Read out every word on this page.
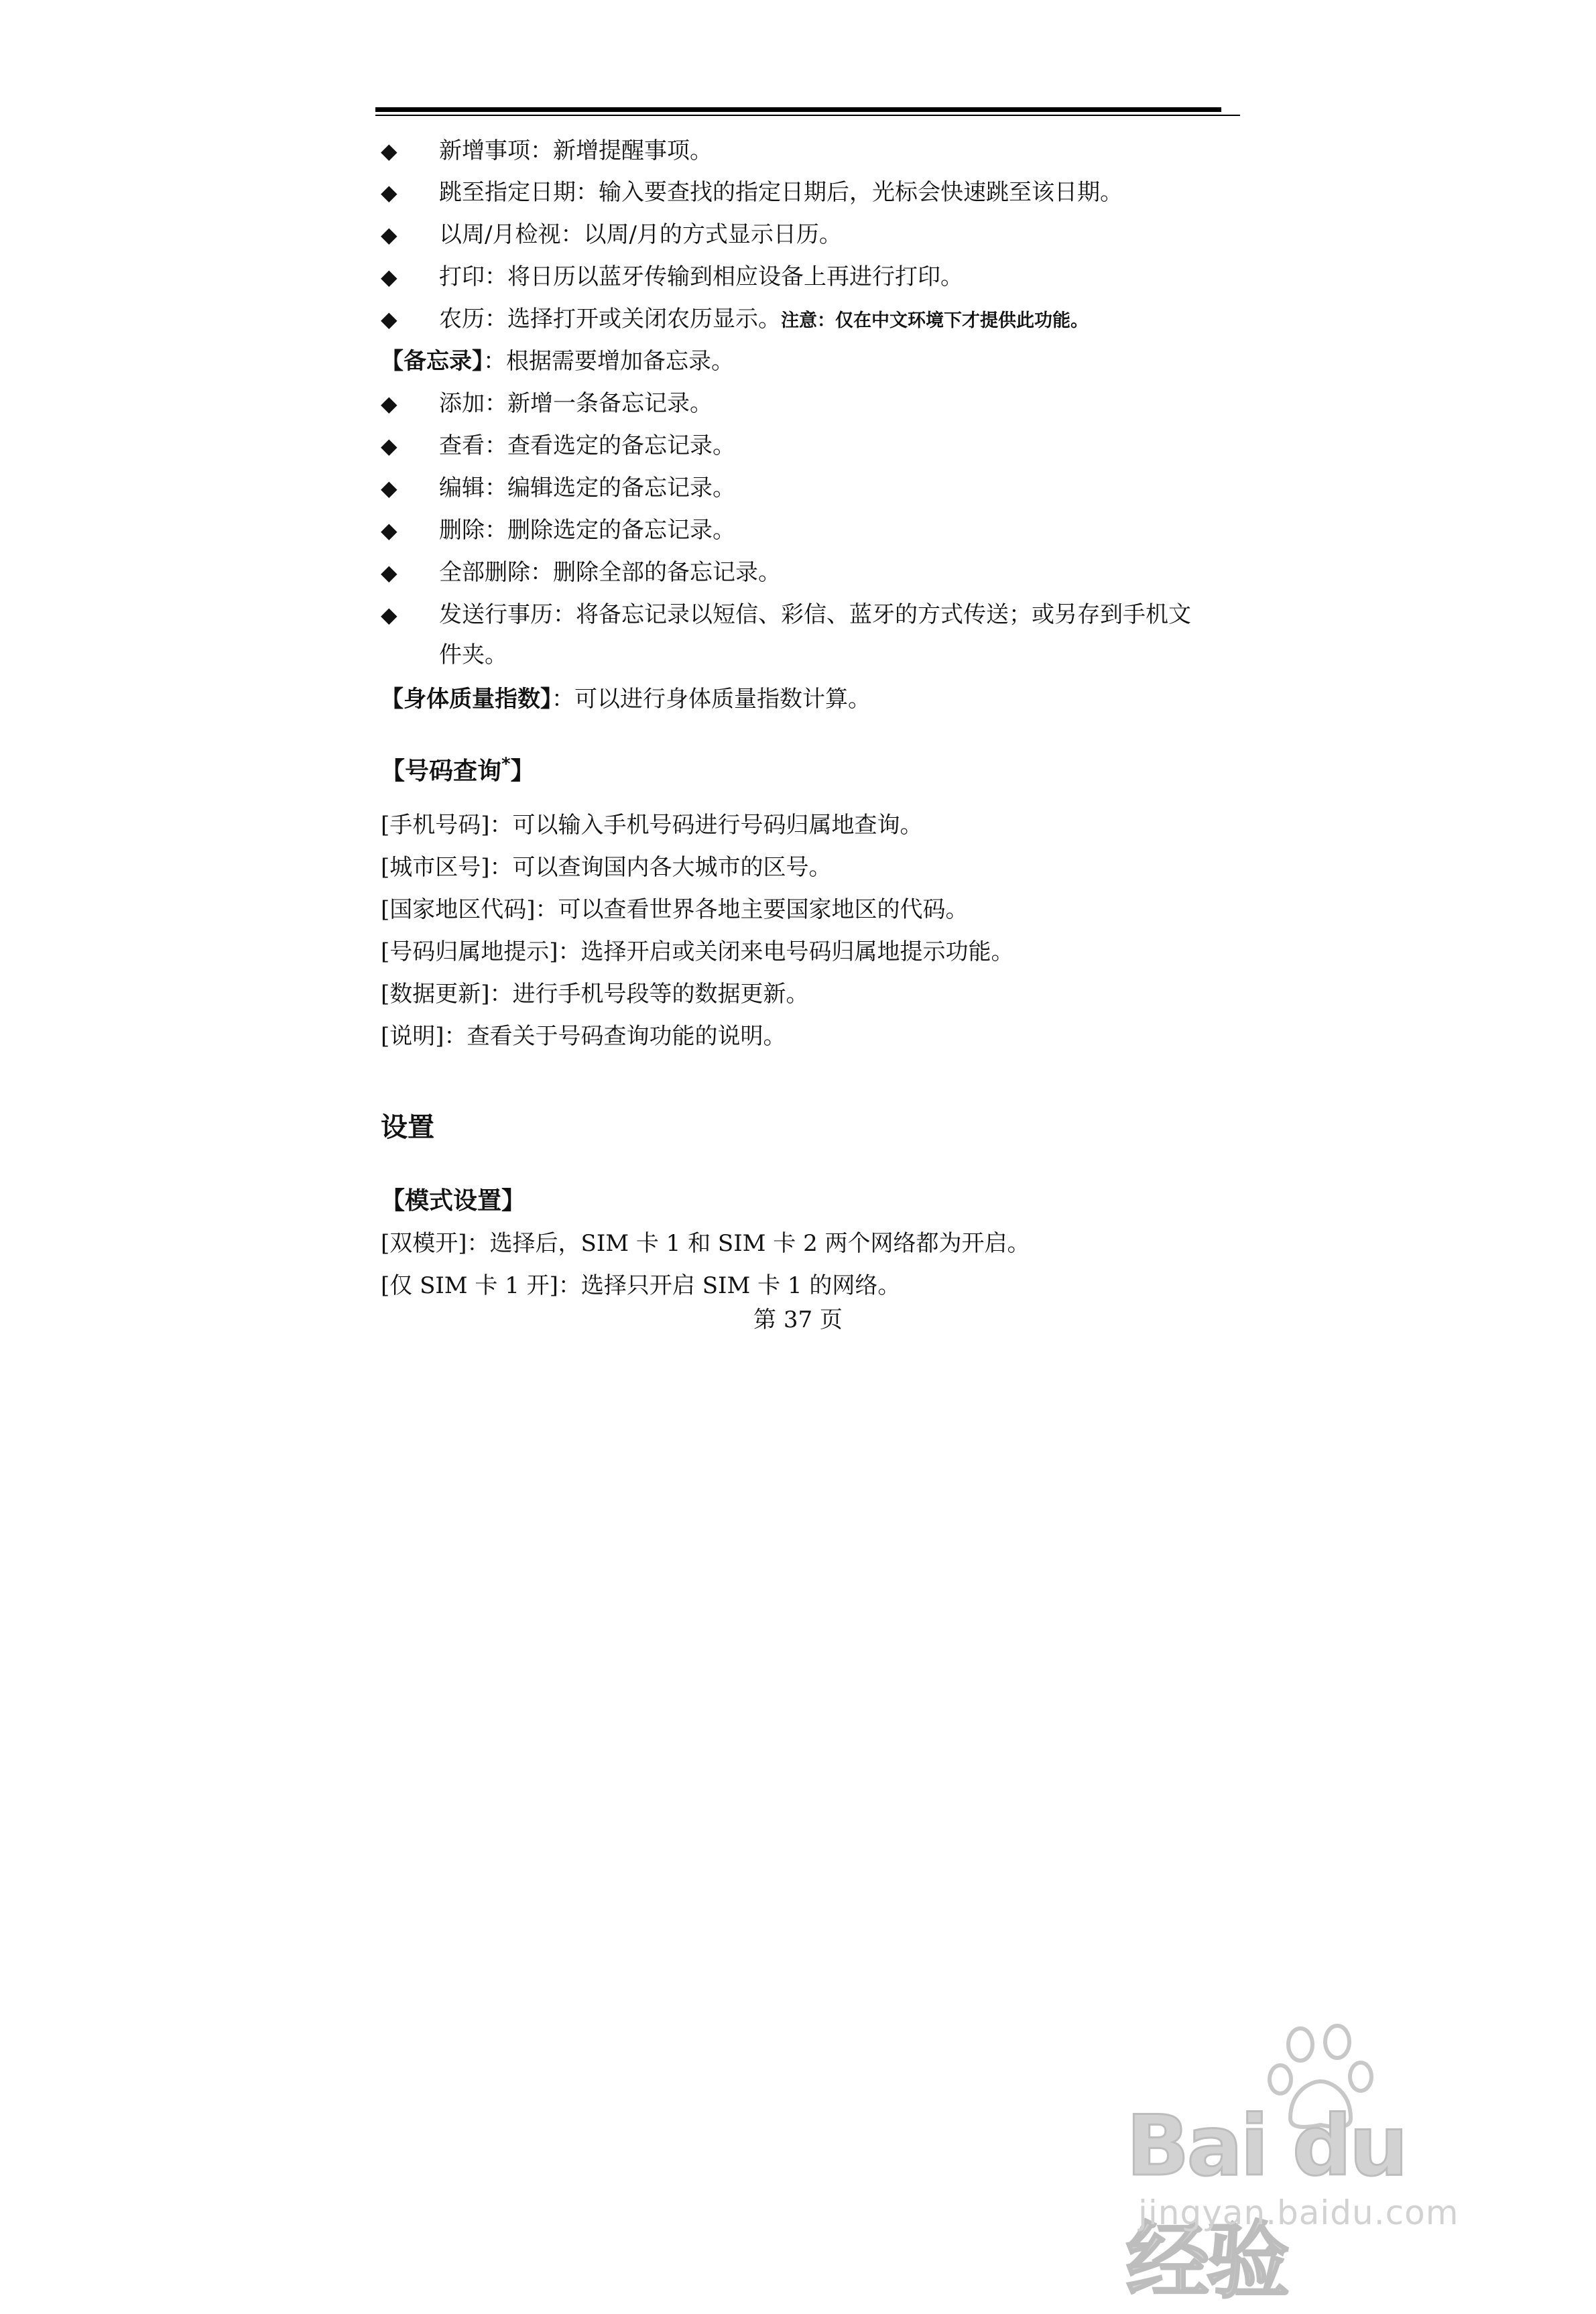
◆ 新增事项：新增提醒事项。
◆ 跳至指定日期：输入要查找的指定日期后，光标会快速跳至该日期。
◆ 以周/月检视：以周/月的方式显示日历。
◆ 打印：将日历以蓝牙传输到相应设备上再进行打印。
◆ 农历：选择打开或关闭农历显示。注意：仅在中文环境下才提供此功能。
【备忘录】：根据需要增加备忘录。
◆ 添加：新增一条备忘记录。
◆ 查看：查看选定的备忘记录。
◆ 编辑：编辑选定的备忘记录。
◆ 删除：删除选定的备忘记录。
◆ 全部删除：删除全部的备忘记录。
◆ 发送行事历：将备忘记录以短信、彩信、蓝牙的方式传送；或另存到手机文
件夹。
【身体质量指数】：可以进行身体质量指数计算。
【号码查询*】
[手机号码]：可以输入手机号码进行号码归属地查询。
[城市区号]：可以查询国内各大城市的区号。
[国家地区代码]：可以查看世界各地主要国家地区的代码。
[号码归属地提示]：选择开启或关闭来电号码归属地提示功能。
[数据更新]：进行手机号段等的数据更新。
[说明]：查看关于号码查询功能的说明。
设置
【模式设置】
[双模开]：选择后，SIM 卡 1 和 SIM 卡 2 两个网络都为开启。
[仅 SIM 卡 1 开]：选择只开启 SIM 卡 1 的网络。
第 37 页
Bai du 经验
jingyan.baidu.com
